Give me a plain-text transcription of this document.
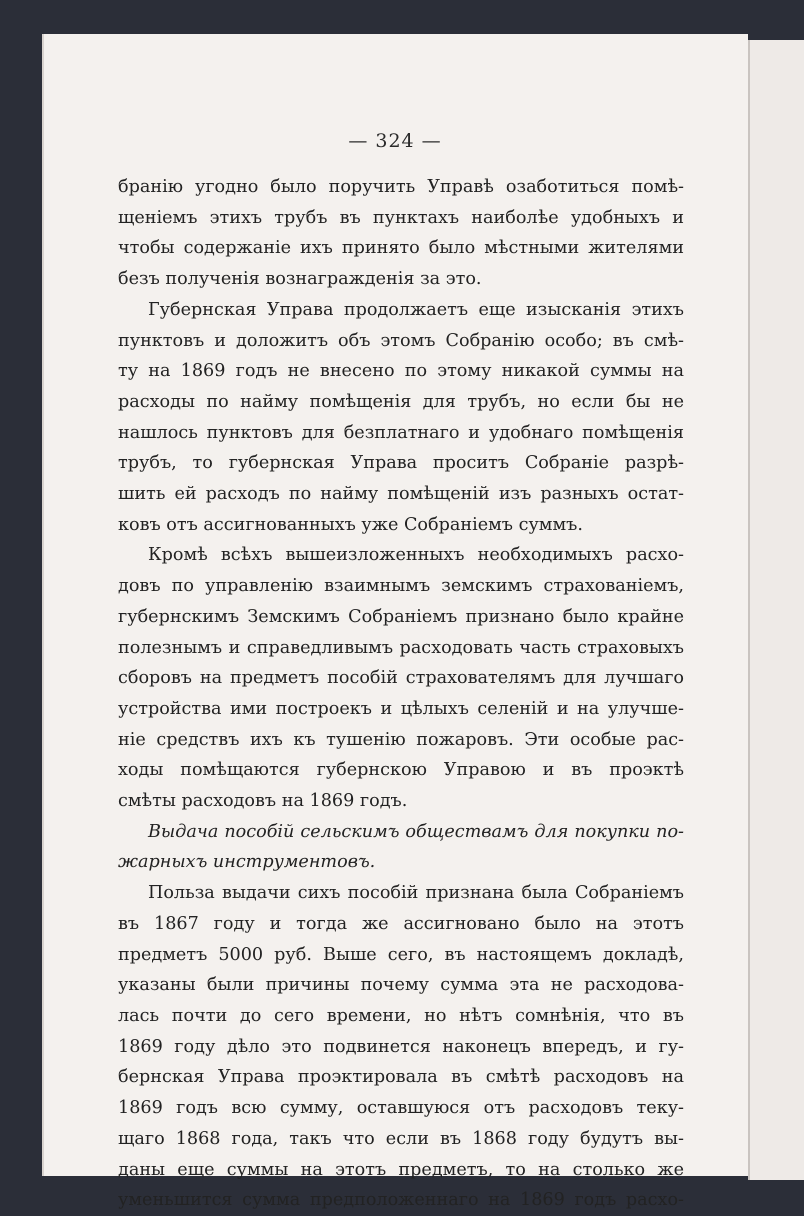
— 324 —
бранію угодно было поручить Управѣ озаботиться помѣ-
щеніемъ этихъ трубъ въ пунктахъ наиболѣе удобныхъ и
чтобы содержаніе ихъ принято было мѣстными жителями
безъ полученія вознагражденія за это.
Губернская Управа продолжаетъ еще изысканія этихъ
пунктовъ и доложитъ объ этомъ Собранію особо; въ смѣ-
ту на 1869 годъ не внесено по этому никакой суммы на
расходы по найму помѣщенія для трубъ, но если бы не
нашлось пунктовъ для безплатнаго и удобнаго помѣщенія
трубъ, то губернская Управа проситъ Собраніе разрѣ-
шить ей расходъ по найму помѣщеній изъ разныхъ остат-
ковъ отъ ассигнованныхъ уже Собраніемъ суммъ.
Кромѣ всѣхъ вышеизложенныхъ необходимыхъ расхо-
довъ по управленію взаимнымъ земскимъ страхованіемъ,
губернскимъ Земскимъ Собраніемъ признано было крайне
полезнымъ и справедливымъ расходовать часть страховыхъ
сборовъ на предметъ пособій страхователямъ для лучшаго
устройства ими построекъ и цѣлыхъ селеній и на улучше-
ніе средствъ ихъ къ тушенію пожаровъ. Эти особые рас-
ходы помѣщаются губернскою Управою и въ проэктѣ
смѣты расходовъ на 1869 годъ.
Выдача пособій сельскимъ обществамъ для покупки по-
жарныхъ инструментовъ.
Польза выдачи сихъ пособій признана была Собраніемъ
въ 1867 году и тогда же ассигновано было на этотъ
предметъ 5000 руб. Выше сего, въ настоящемъ докладѣ,
указаны были причины почему сумма эта не расходова-
лась почти до сего времени, но нѣтъ сомнѣнія, что въ
1869 году дѣло это подвинется наконецъ впередъ, и гу-
бернская Управа проэктировала въ смѣтѣ расходовъ на
1869 годъ всю сумму, оставшуюся отъ расходовъ теку-
щаго 1868 года, такъ что если въ 1868 году будутъ вы-
даны еще суммы на этотъ предметъ, то на столько же
уменьшится сумма предположеннаго на 1869 годъ расхо-
